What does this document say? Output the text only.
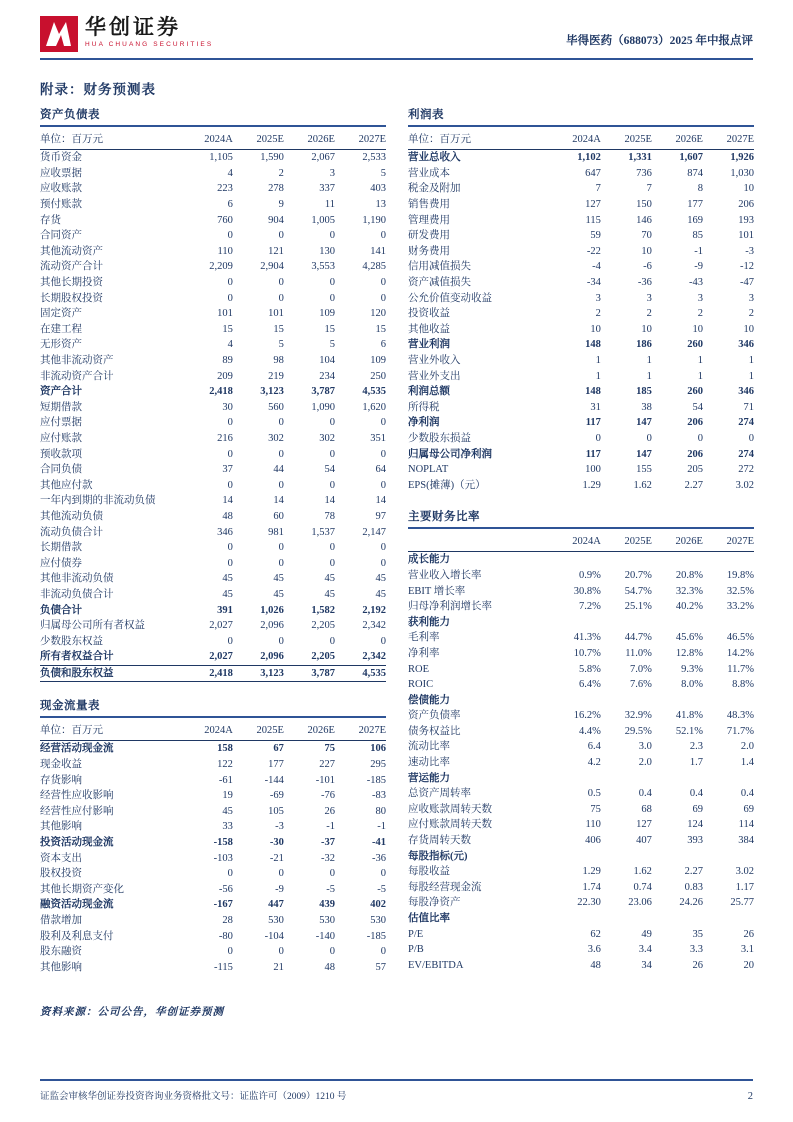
华创证券
HUA CHUANG SECURITIES	毕得医药（688073）2025 年中报点评
附录：财务预测表
资产负债表
单位：百万元	2024A	2025E	2026E	2027E
货币资金	1,105	1,590	2,067	2,533
应收票据	4	2	3	5
应收账款	223	278	337	403
预付账款	6	9	11	13
存货	760	904	1,005	1,190
合同资产	0	0	0	0
其他流动资产	110	121	130	141
流动资产合计	2,209	2,904	3,553	4,285
其他长期投资	0	0	0	0
长期股权投资	0	0	0	0
固定资产	101	101	109	120
在建工程	15	15	15	15
无形资产	4	5	5	6
其他非流动资产	89	98	104	109
非流动资产合计	209	219	234	250
资产合计	2,418	3,123	3,787	4,535
短期借款	30	560	1,090	1,620
应付票据	0	0	0	0
应付账款	216	302	302	351
预收款项	0	0	0	0
合同负债	37	44	54	64
其他应付款	0	0	0	0
一年内到期的非流动负债	14	14	14	14
其他流动负债	48	60	78	97
流动负债合计	346	981	1,537	2,147
长期借款	0	0	0	0
应付债券	0	0	0	0
其他非流动负债	45	45	45	45
非流动负债合计	45	45	45	45
负债合计	391	1,026	1,582	2,192
归属母公司所有者权益	2,027	2,096	2,205	2,342
少数股东权益	0	0	0	0
所有者权益合计	2,027	2,096	2,205	2,342
负债和股东权益	2,418	3,123	3,787	4,535
现金流量表
单位：百万元	2024A	2025E	2026E	2027E
经营活动现金流	158	67	75	106
现金收益	122	177	227	295
存货影响	-61	-144	-101	-185
经营性应收影响	19	-69	-76	-83
经营性应付影响	45	105	26	80
其他影响	33	-3	-1	-1
投资活动现金流	-158	-30	-37	-41
资本支出	-103	-21	-32	-36
股权投资	0	0	0	0
其他长期资产变化	-56	-9	-5	-5
融资活动现金流	-167	447	439	402
借款增加	28	530	530	530
股利及利息支付	-80	-104	-140	-185
股东融资	0	0	0	0
其他影响	-115	21	48	57
利润表
单位：百万元	2024A	2025E	2026E	2027E
营业总收入	1,102	1,331	1,607	1,926
营业成本	647	736	874	1,030
税金及附加	7	7	8	10
销售费用	127	150	177	206
管理费用	115	146	169	193
研发费用	59	70	85	101
财务费用	-22	10	-1	-3
信用减值损失	-4	-6	-9	-12
资产减值损失	-34	-36	-43	-47
公允价值变动收益	3	3	3	3
投资收益	2	2	2	2
其他收益	10	10	10	10
营业利润	148	186	260	346
营业外收入	1	1	1	1
营业外支出	1	1	1	1
利润总额	148	185	260	346
所得税	31	38	54	71
净利润	117	147	206	274
少数股东损益	0	0	0	0
归属母公司净利润	117	147	206	274
NOPLAT	100	155	205	272
EPS(摊薄)（元）	1.29	1.62	2.27	3.02
主要财务比率
	2024A	2025E	2026E	2027E
成长能力				
营业收入增长率	0.9%	20.7%	20.8%	19.8%
EBIT 增长率	30.8%	54.7%	32.3%	32.5%
归母净利润增长率	7.2%	25.1%	40.2%	33.2%
获利能力				
毛利率	41.3%	44.7%	45.6%	46.5%
净利率	10.7%	11.0%	12.8%	14.2%
ROE	5.8%	7.0%	9.3%	11.7%
ROIC	6.4%	7.6%	8.0%	8.8%
偿债能力				
资产负债率	16.2%	32.9%	41.8%	48.3%
债务权益比	4.4%	29.5%	52.1%	71.7%
流动比率	6.4	3.0	2.3	2.0
速动比率	4.2	2.0	1.7	1.4
营运能力				
总资产周转率	0.5	0.4	0.4	0.4
应收账款周转天数	75	68	69	69
应付账款周转天数	110	127	124	114
存货周转天数	406	407	393	384
每股指标(元)				
每股收益	1.29	1.62	2.27	3.02
每股经营现金流	1.74	0.74	0.83	1.17
每股净资产	22.30	23.06	24.26	25.77
估值比率				
P/E	62	49	35	26
P/B	3.6	3.4	3.3	3.1
EV/EBITDA	48	34	26	20
资料来源：公司公告，华创证券预测
证监会审核华创证券投资咨询业务资格批文号：证监许可（2009）1210 号	2
